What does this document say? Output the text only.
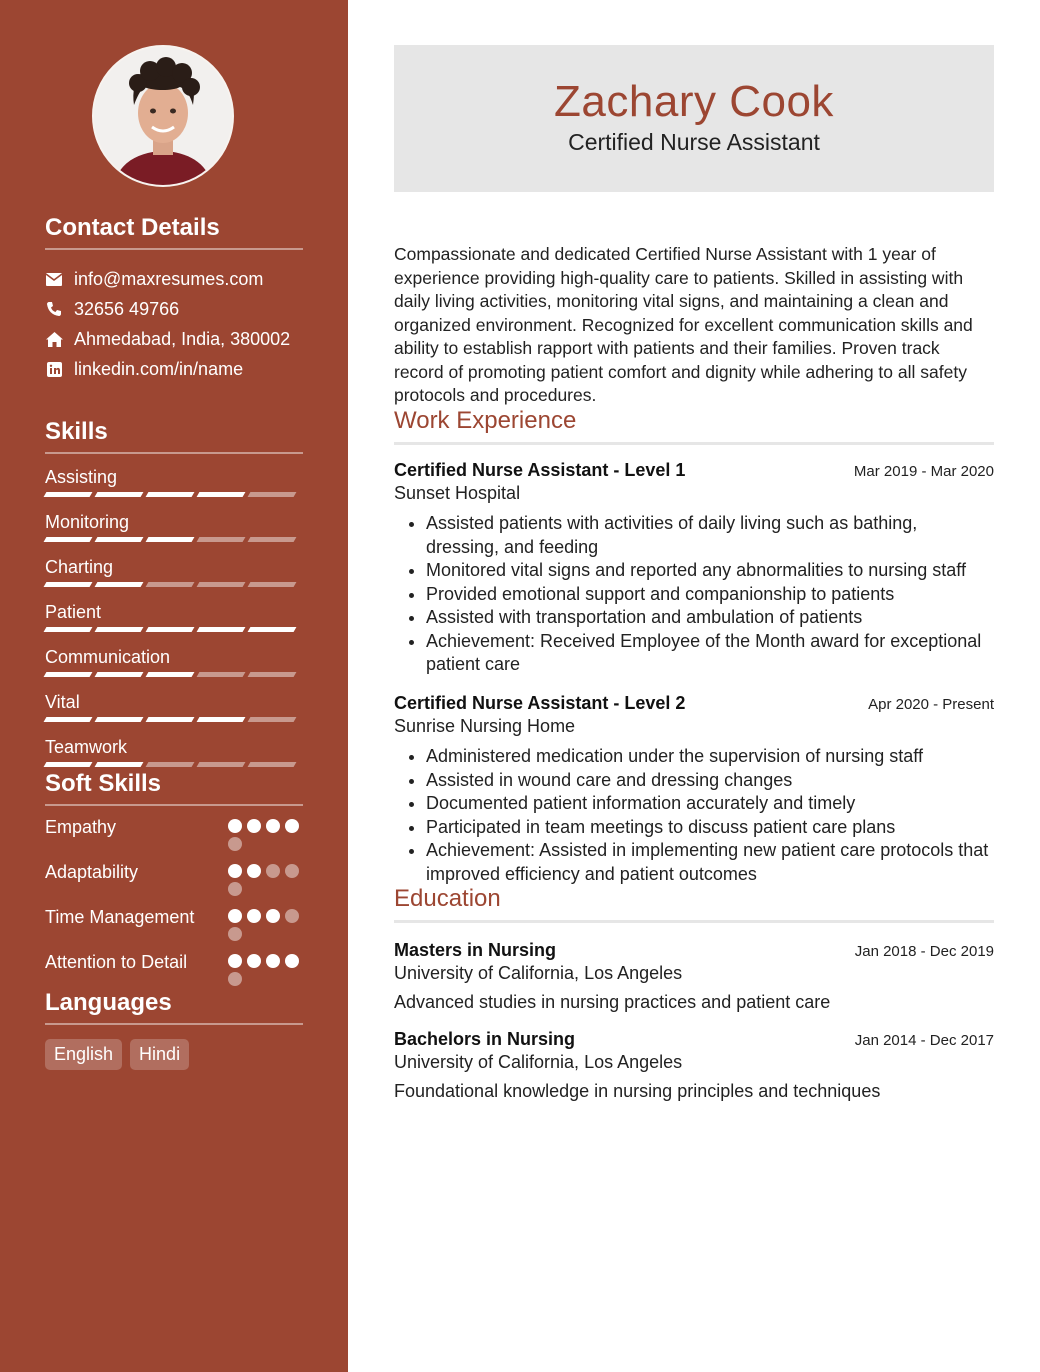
Contact Details
info@maxresumes.com
32656 49766
Ahmedabad, India, 380002
linkedin.com/in/name
Skills
Assisting
Monitoring
Charting
Patient
Communication
Vital
Teamwork
Soft Skills
Empathy
Adaptability
Time Management
Attention to Detail
Languages
English	Hindi
Zachary Cook
Certified Nurse Assistant

Compassionate and dedicated Certified Nurse Assistant with 1 year of experience providing high-quality care to patients. Skilled in assisting with daily living activities, monitoring vital signs, and maintaining a clean and organized environment. Recognized for excellent communication skills and ability to establish rapport with patients and their families. Proven track record of promoting patient comfort and dignity while adhering to all safety protocols and procedures.

Work Experience
Certified Nurse Assistant - Level 1	Mar 2019 - Mar 2020
Sunset Hospital
• Assisted patients with activities of daily living such as bathing, dressing, and feeding
• Monitored vital signs and reported any abnormalities to nursing staff
• Provided emotional support and companionship to patients
• Assisted with transportation and ambulation of patients
• Achievement: Received Employee of the Month award for exceptional patient care
Certified Nurse Assistant - Level 2	Apr 2020 - Present
Sunrise Nursing Home
• Administered medication under the supervision of nursing staff
• Assisted in wound care and dressing changes
• Documented patient information accurately and timely
• Participated in team meetings to discuss patient care plans
• Achievement: Assisted in implementing new patient care protocols that improved efficiency and patient outcomes
Education
Masters in Nursing	Jan 2018 - Dec 2019
University of California, Los Angeles
Advanced studies in nursing practices and patient care
Bachelors in Nursing	Jan 2014 - Dec 2017
University of California, Los Angeles
Foundational knowledge in nursing principles and techniques
